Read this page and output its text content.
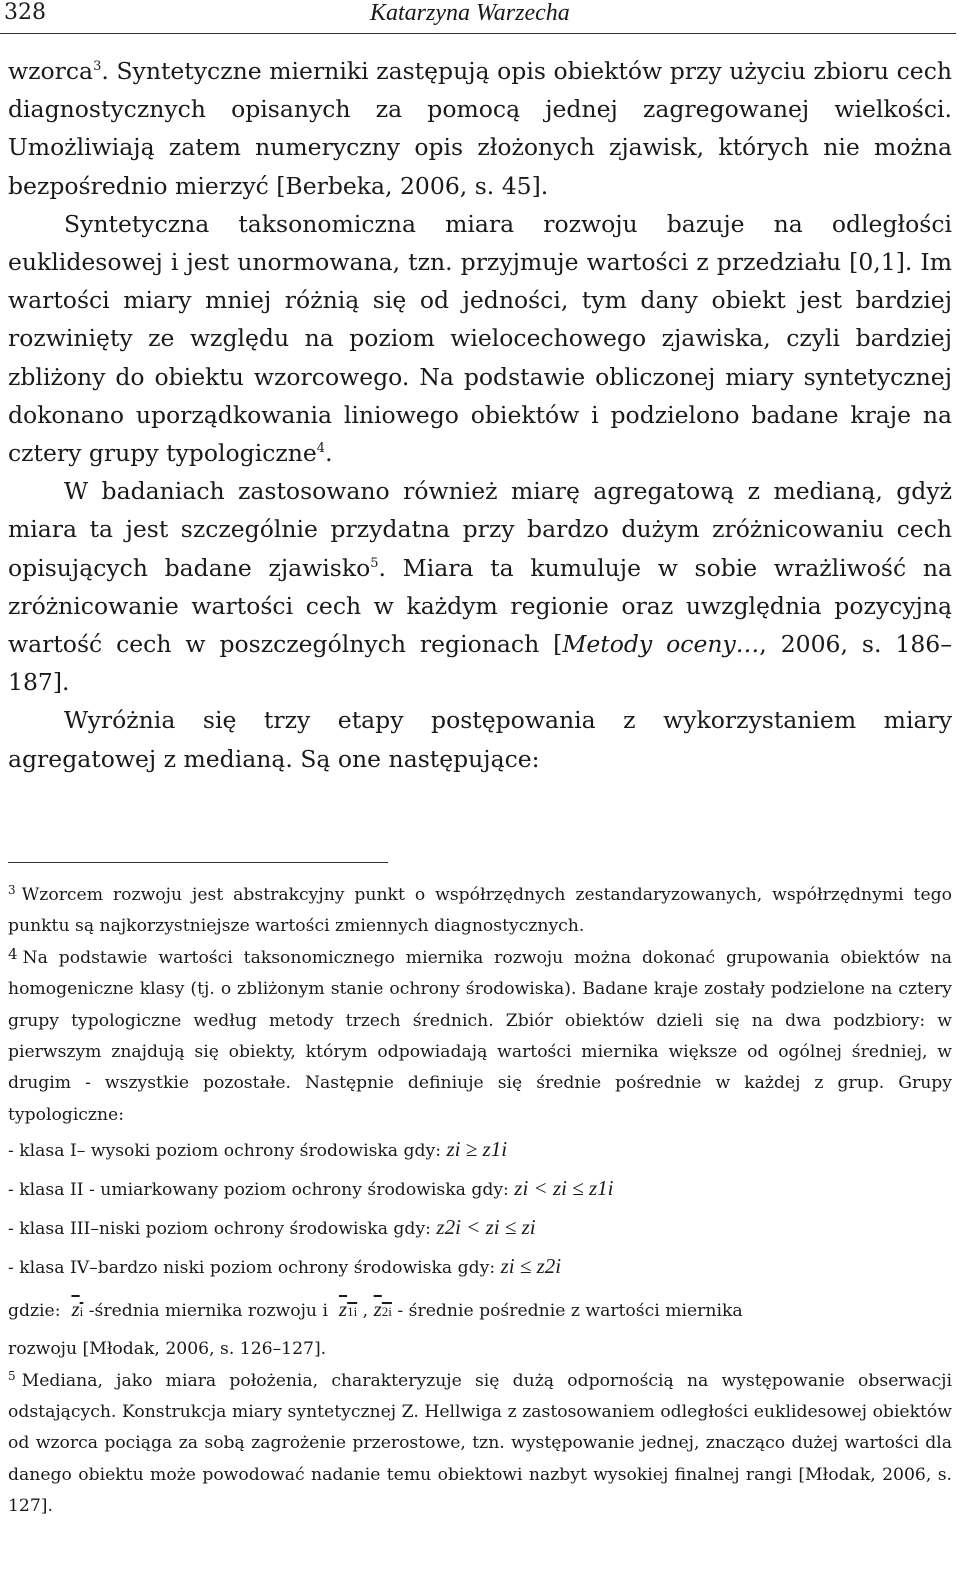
328	Katarzyna Warzecha

wzorca$^3$. Syntetyczne mierniki zastępują opis obiektów przy użyciu zbioru cech diagnostycznych opisanych za pomocą jednej zagregowanej wielkości. Umożliwiają zatem numeryczny opis złożonych zjawisk, których nie można bezpośrednio mierzyć [Berbeka, 2006, s. 45].

Syntetyczna taksonomiczna miara rozwoju bazuje na odległości euklidesowej i jest unormowana, tzn. przyjmuje wartości z przedziału [0,1]. Im wartości miary mniej różnią się od jedności, tym dany obiekt jest bardziej rozwinięty ze względu na poziom wielocechowego zjawiska, czyli bardziej zbliżony do obiektu wzorcowego. Na podstawie obliczonej miary syntetycznej dokonano uporządkowania liniowego obiektów i podzielono badane kraje na cztery grupy typologiczne$^4$.

W badaniach zastosowano również miarę agregatową z medianą, gdyż miara ta jest szczególnie przydatna przy bardzo dużym zróżnicowaniu cech opisujących badane zjawisko$^5$. Miara ta kumuluje w sobie wrażliwość na zróżnicowanie wartości cech w każdym regionie oraz uwzględnia pozycyjną wartość cech w poszczególnych regionach [Metody oceny…, 2006, s. 186–187].

Wyróżnia się trzy etapy postępowania z wykorzystaniem miary agregatowej z medianą. Są one następujące:

$^3$ Wzorcem rozwoju jest abstrakcyjny punkt o współrzędnych zestandaryzowanych, współrzędnymi tego punktu są najkorzystniejsze wartości zmiennych diagnostycznych.

4 Na podstawie wartości taksonomicznego miernika rozwoju można dokonać grupowania obiektów na homogeniczne klasy (tj. o zbliżonym stanie ochrony środowiska). Badane kraje zostały podzielone na cztery grupy typologiczne według metody trzech średnich. Zbiór obiektów dzieli się na dwa podzbiory: w pierwszym znajdują się obiekty, którym odpowiadają wartości miernika większe od ogólnej średniej, w drugim - wszystkie pozostałe. Następnie definiuje się średnie pośrednie w każdej z grup. Grupy typologiczne:

- klasa I– wysoki poziom ochrony środowiska gdy: zi ≥ z1i

- klasa II - umiarkowany poziom ochrony środowiska gdy: zi < zi ≤ z1i

- klasa III–niski poziom ochrony środowiska gdy: z2i < zi ≤ zi

- klasa IV–bardzo niski poziom ochrony środowiska gdy: zi ≤ z2i

gdzie: zi -średnia miernika rozwoju i z1i , z2i - średnie pośrednie z wartości miernika

rozwoju [Młodak, 2006, s. 126–127].

$^5$ Mediana, jako miara położenia, charakteryzuje się dużą odpornością na występowanie obserwacji odstających. Konstrukcja miary syntetycznej Z. Hellwiga z zastosowaniem odległości euklidesowej obiektów od wzorca pociąga za sobą zagrożenie przerostowe, tzn. występowanie jednej, znacząco dużej wartości dla danego obiektu może powodować nadanie temu obiektowi nazbyt wysokiej finalnej rangi [Młodak, 2006, s. 127].
